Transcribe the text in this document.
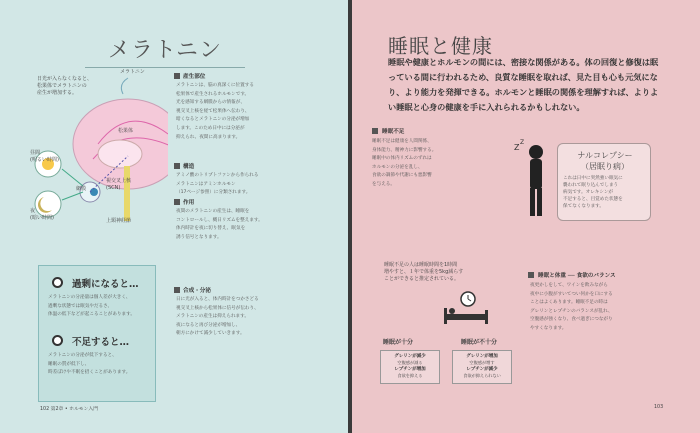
メラトニン
日光が入らなくなると、
松果体でメラトニンの
産生が増加する。
メラトニン
松果体
昼間
(明るい時間)
夜
(暗い時間)
視交叉上核
(SCN)
上頸神経節
網膜
産生部位
メラトニンは、脳の真深くに位置する
松果体で産生されるホルモンです。
光を感知する網膜からの情報が、
視交叉上核を経て松果体へ伝わり、
暗くなるとメラトニンの分泌が増加
します。このため日中には分泌が
抑えられ、夜間に高まります。
構造
アミノ酸のトリプトファンから作られる
メラトニンはアミンホルモン
（17ページ参照）に分類されます。
作用
夜間のメラトニンの産生は、睡眠を
コントロールし、概日リズムを整えます。
体内時計を夜に切り替え、眠気を
誘う信号となります。
合成・分泌
日に光が入ると、体内時計をつかさどる
視交叉上核から松果体に信号が伝わり、
メラトニンの産生は抑えられます。
夜になると再び分泌が増加し、
朝方にかけて減少していきます。
過剰になると…
メラトニンの分泌量は個人差が大きく、
過剰な状態では眠気やだるさ、
体温の低下などが起こることがあります。
不足すると…
メラトニンの分泌が低下すると、
睡眠の質が低下し、
時差ぼけや不眠を招くことがあります。
102 第2章 • ホルモン入門
睡眠と健康
睡眠や健康とホルモンの間には、密接な関係がある。体の回復と修復は眠っている間に行われるため、良質な睡眠を取れば、見た目も心も元気になり、より能力を発揮できる。ホルモンと睡眠の関係を理解すれば、よりよい睡眠と心身の健康を手に入れられるかもしれない。
睡眠不足
睡眠不足は健康を人間関係、
身体能力、精神力に影響する。
睡眠中の体内リズムのずれは
ホルモンの分泌を乱し、
食欲の調節や代謝にも悪影響
を与える。
Z
Z
ナルコレプシー
（居眠り病）
これは日中に突然強い眠気に
襲われて眠り込んでしまう
病気です。オレキシンが
不足すると、目覚めた状態を
保てなくなります。
睡眠不足の人は睡眠時間を1時間
増やすと、１年で体重を5kg減らす
ことができると推定されている。
睡眠が十分	睡眠が不十分
グレリンが減少
空腹感が減る
レプチンが増加
食欲を抑える
グレリンが増加
空腹感が増す
レプチンが減少
食欲が抑えられない
睡眠と体重 ── 食欲のバランス
夜更かしをして、ワインを飲みながら
夜中に小腹がすいてつい何かを口にする
ことはよくあります。睡眠不足の時は
グレリンとレプチンのバランスが乱れ、
空腹感が強くなり、食べ過ぎにつながり
やすくなります。
103
